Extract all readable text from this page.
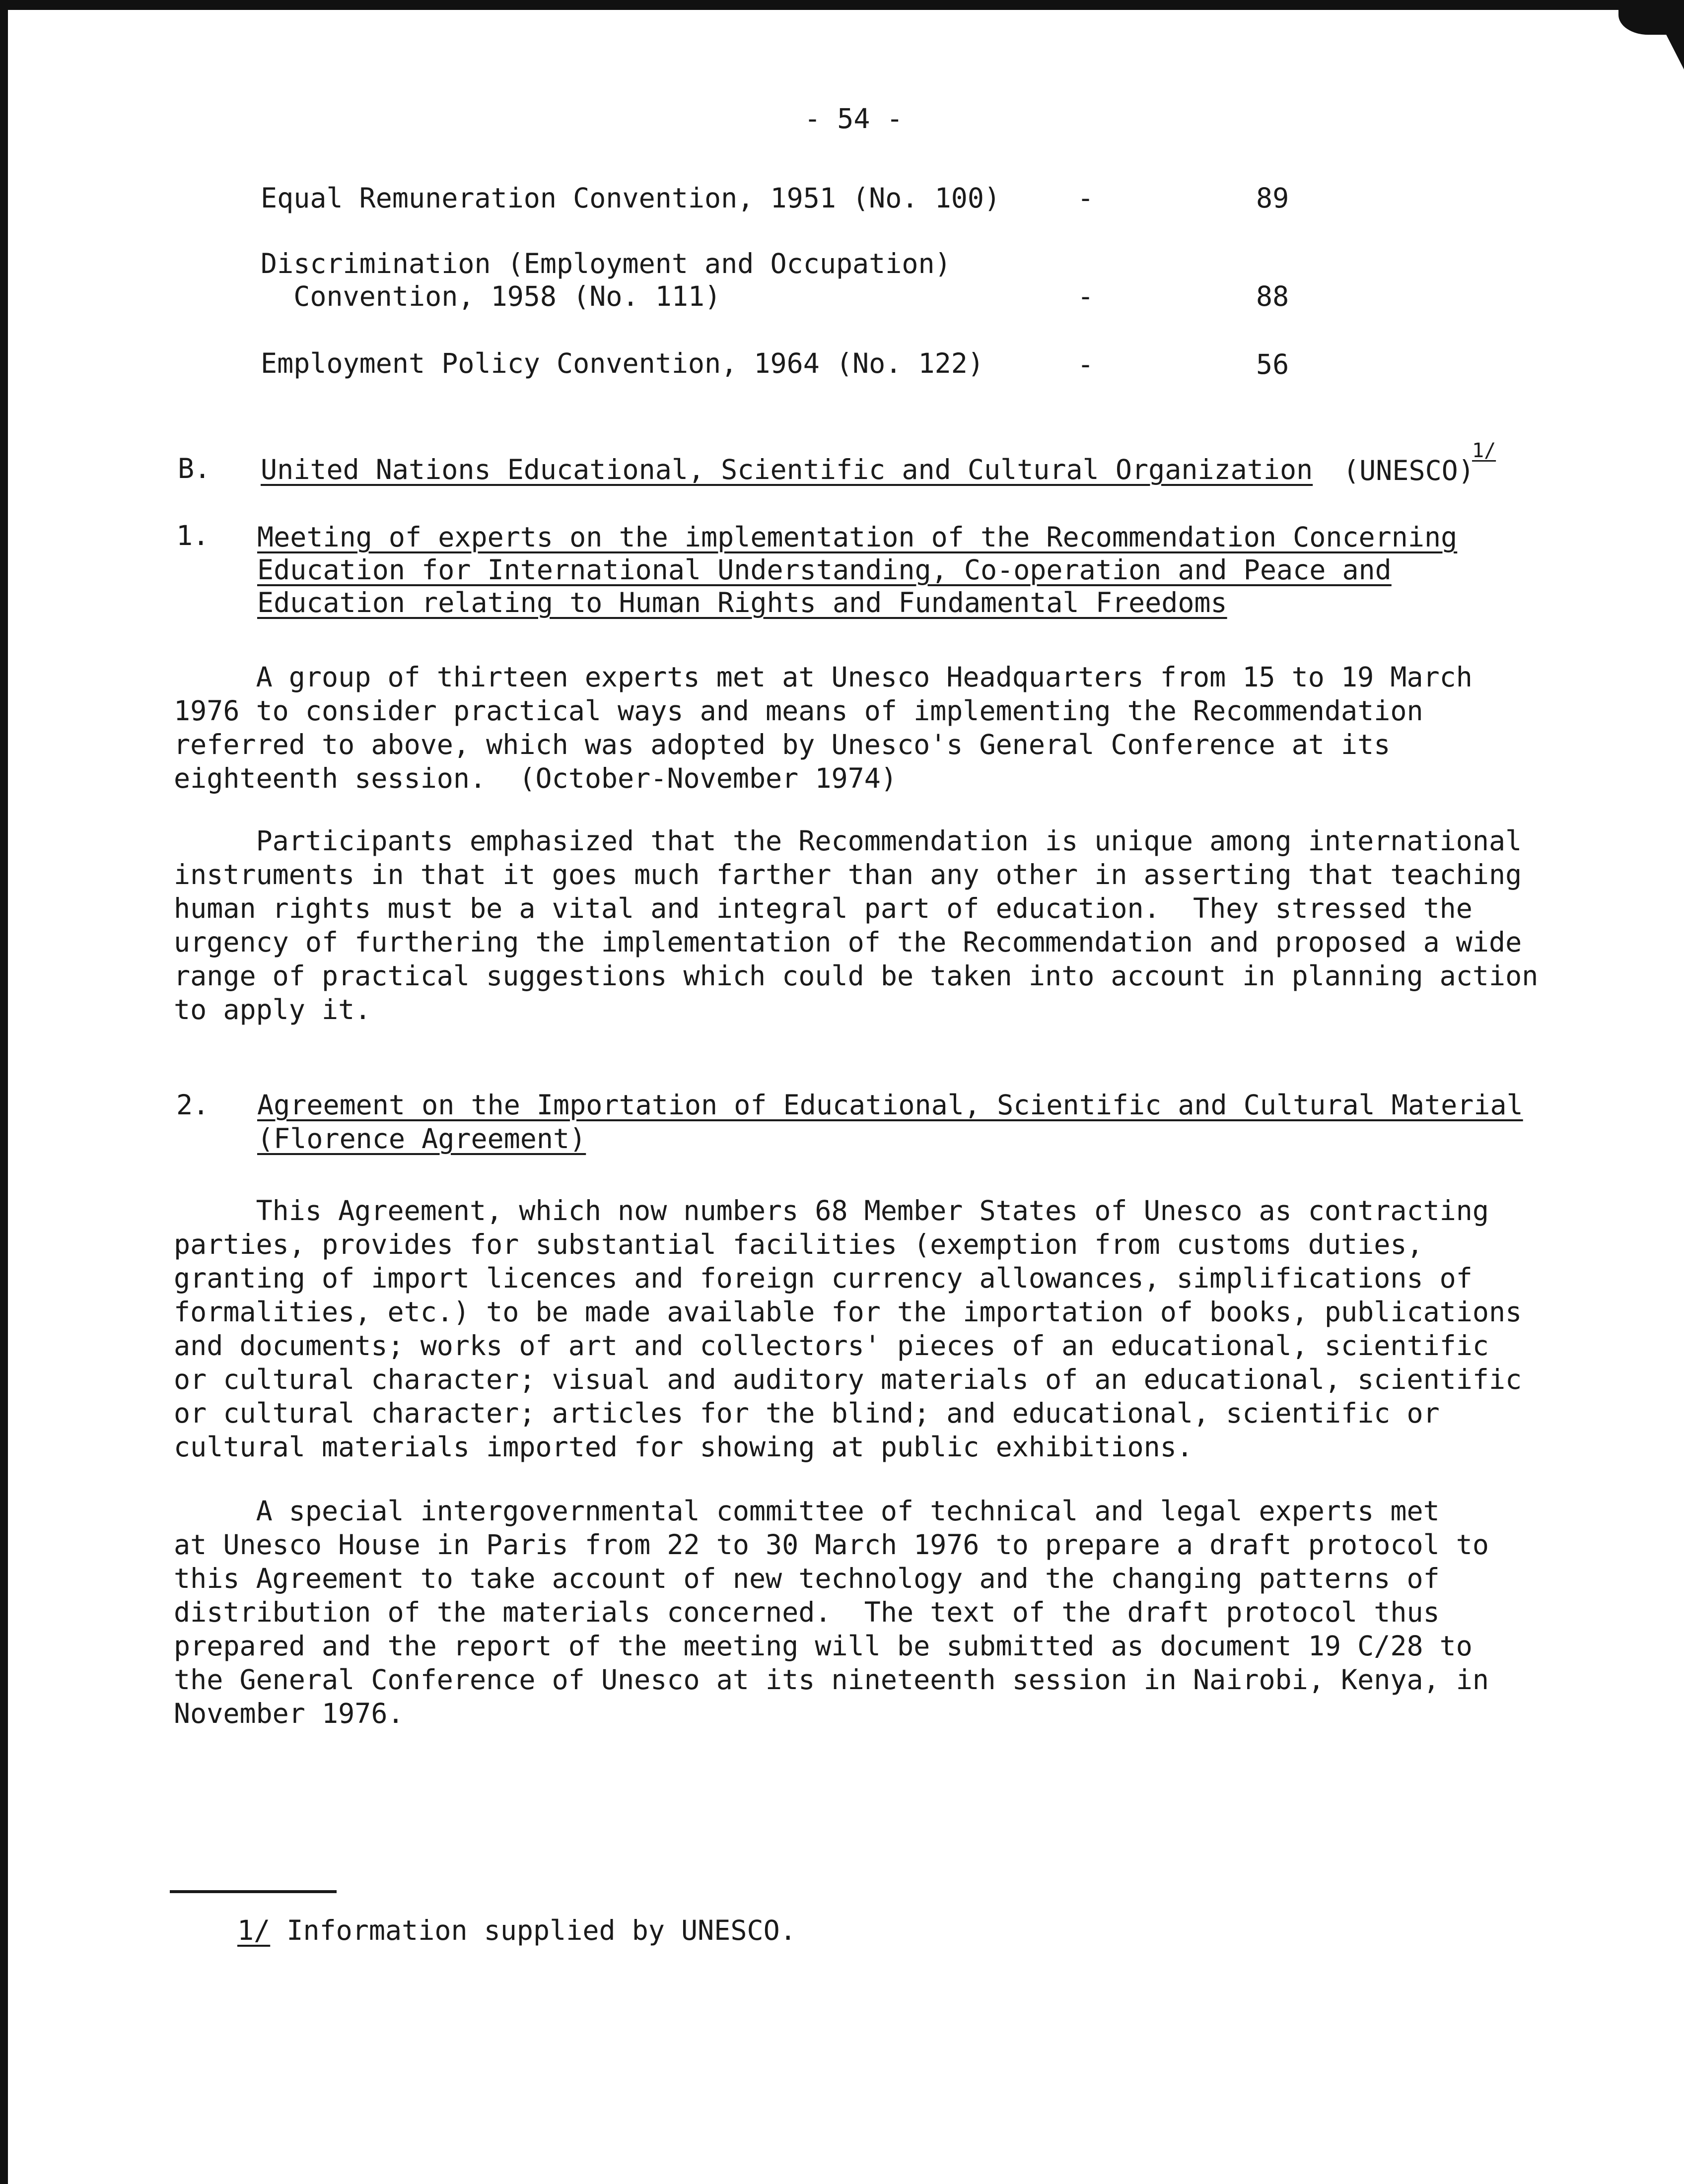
- 54 -

Equal Remuneration Convention, 1951 (No. 100)	-	89

Discrimination (Employment and Occupation)

Convention, 1958 (No. 111)	-	88

Employment Policy Convention, 1964 (No. 122)	-	56

B. United Nations Educational, Scientific and Cultural Organization (UNESCO)

1/

1. Meeting of experts on the implementation of the Recommendation Concerning

Education for International Understanding, Co-operation and Peace and

Education relating to Human Rights and Fundamental Freedoms

A group of thirteen experts met at Unesco Headquarters from 15 to 19 March
1976 to consider practical ways and means of implementing the Recommendation
referred to above, which was adopted by Unesco's General Conference at its
eighteenth session.  (October-November 1974)

Participants emphasized that the Recommendation is unique among international
instruments in that it goes much farther than any other in asserting that teaching
human rights must be a vital and integral part of education.  They stressed the
urgency of furthering the implementation of the Recommendation and proposed a wide
range of practical suggestions which could be taken into account in planning action
to apply it.

2. Agreement on the Importation of Educational, Scientific and Cultural Material

(Florence Agreement)

This Agreement, which now numbers 68 Member States of Unesco as contracting
parties, provides for substantial facilities (exemption from customs duties,
granting of import licences and foreign currency allowances, simplifications of
formalities, etc.) to be made available for the importation of books, publications
and documents; works of art and collectors' pieces of an educational, scientific
or cultural character; visual and auditory materials of an educational, scientific
or cultural character; articles for the blind; and educational, scientific or
cultural materials imported for showing at public exhibitions.

A special intergovernmental committee of technical and legal experts met
at Unesco House in Paris from 22 to 30 March 1976 to prepare a draft protocol to
this Agreement to take account of new technology and the changing patterns of
distribution of the materials concerned.  The text of the draft protocol thus
prepared and the report of the meeting will be submitted as document 19 C/28 to
the General Conference of Unesco at its nineteenth session in Nairobi, Kenya, in
November 1976.

1/ Information supplied by UNESCO.
